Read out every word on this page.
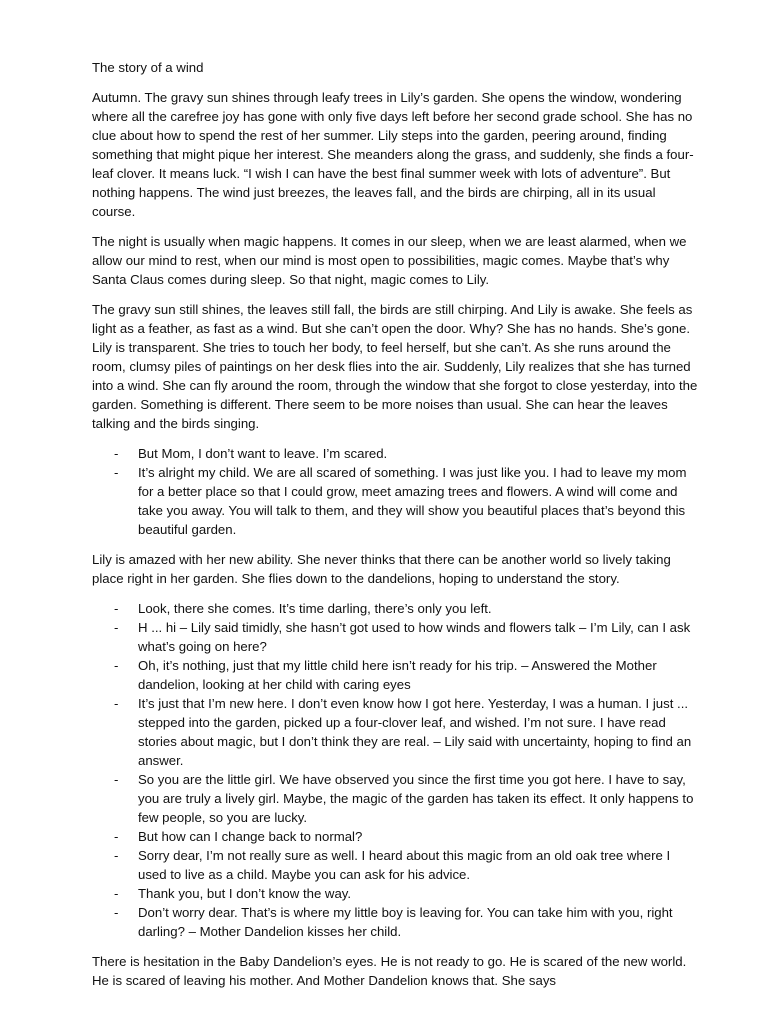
The story of a wind

Autumn. The gravy sun shines through leafy trees in Lily’s garden. She opens the window, wondering where all the carefree joy has gone with only five days left before her second grade school. She has no clue about how to spend the rest of her summer. Lily steps into the garden, peering around, finding something that might pique her interest. She meanders along the grass, and suddenly, she finds a four-leaf clover. It means luck. “I wish I can have the best final summer week with lots of adventure”. But nothing happens. The wind just breezes, the leaves fall, and the birds are chirping, all in its usual course.

The night is usually when magic happens. It comes in our sleep, when we are least alarmed, when we allow our mind to rest, when our mind is most open to possibilities, magic comes. Maybe that’s why Santa Claus comes during sleep. So that night, magic comes to Lily.

The gravy sun still shines, the leaves still fall, the birds are still chirping. And Lily is awake. She feels as light as a feather, as fast as a wind. But she can’t open the door. Why? She has no hands. She’s gone. Lily is transparent. She tries to touch her body, to feel herself, but she can’t. As she runs around the room, clumsy piles of paintings on her desk flies into the air. Suddenly, Lily realizes that she has turned into a wind. She can fly around the room, through the window that she forgot to close yesterday, into the garden. Something is different. There seem to be more noises than usual. She can hear the leaves talking and the birds singing.

- But Mom, I don’t want to leave. I’m scared.
- It’s alright my child. We are all scared of something. I was just like you. I had to leave my mom for a better place so that I could grow, meet amazing trees and flowers. A wind will come and take you away. You will talk to them, and they will show you beautiful places that’s beyond this beautiful garden.

Lily is amazed with her new ability. She never thinks that there can be another world so lively taking place right in her garden. She flies down to the dandelions, hoping to understand the story.

- Look, there she comes. It’s time darling, there’s only you left.
- H ... hi – Lily said timidly, she hasn’t got used to how winds and flowers talk – I’m Lily, can I ask what’s going on here?
- Oh, it’s nothing, just that my little child here isn’t ready for his trip. – Answered the Mother dandelion, looking at her child with caring eyes
- It’s just that I’m new here. I don’t even know how I got here. Yesterday, I was a human. I just ... stepped into the garden, picked up a four-clover leaf, and wished. I’m not sure. I have read stories about magic, but I don’t think they are real. – Lily said with uncertainty, hoping to find an answer.
- So you are the little girl. We have observed you since the first time you got here. I have to say, you are truly a lively girl. Maybe, the magic of the garden has taken its effect. It only happens to few people, so you are lucky.
- But how can I change back to normal?
- Sorry dear, I’m not really sure as well. I heard about this magic from an old oak tree where I used to live as a child. Maybe you can ask for his advice.
- Thank you, but I don’t know the way.
- Don’t worry dear. That’s is where my little boy is leaving for. You can take him with you, right darling? – Mother Dandelion kisses her child.

There is hesitation in the Baby Dandelion’s eyes. He is not ready to go. He is scared of the new world. He is scared of leaving his mother. And Mother Dandelion knows that. She says
